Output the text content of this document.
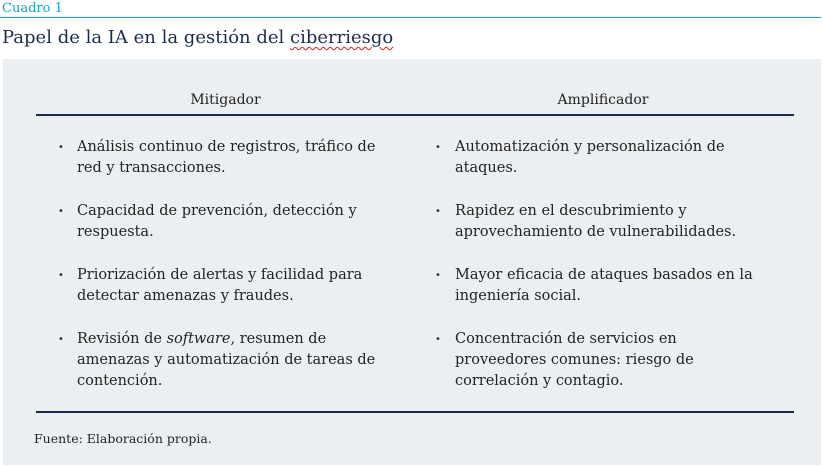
Cuadro 1
Papel de la IA en la gestión del ciberriesgo
Mitigador	Amplificador
• Análisis continuo de registros, tráfico de red y transacciones.
• Capacidad de prevención, detección y respuesta.
• Priorización de alertas y facilidad para detectar amenazas y fraudes.
• Revisión de software, resumen de amenazas y automatización de tareas de contención.
• Automatización y personalización de ataques.
• Rapidez en el descubrimiento y aprovechamiento de vulnerabilidades.
• Mayor eficacia de ataques basados en la ingeniería social.
• Concentración de servicios en proveedores comunes: riesgo de correlación y contagio.
Fuente: Elaboración propia.
